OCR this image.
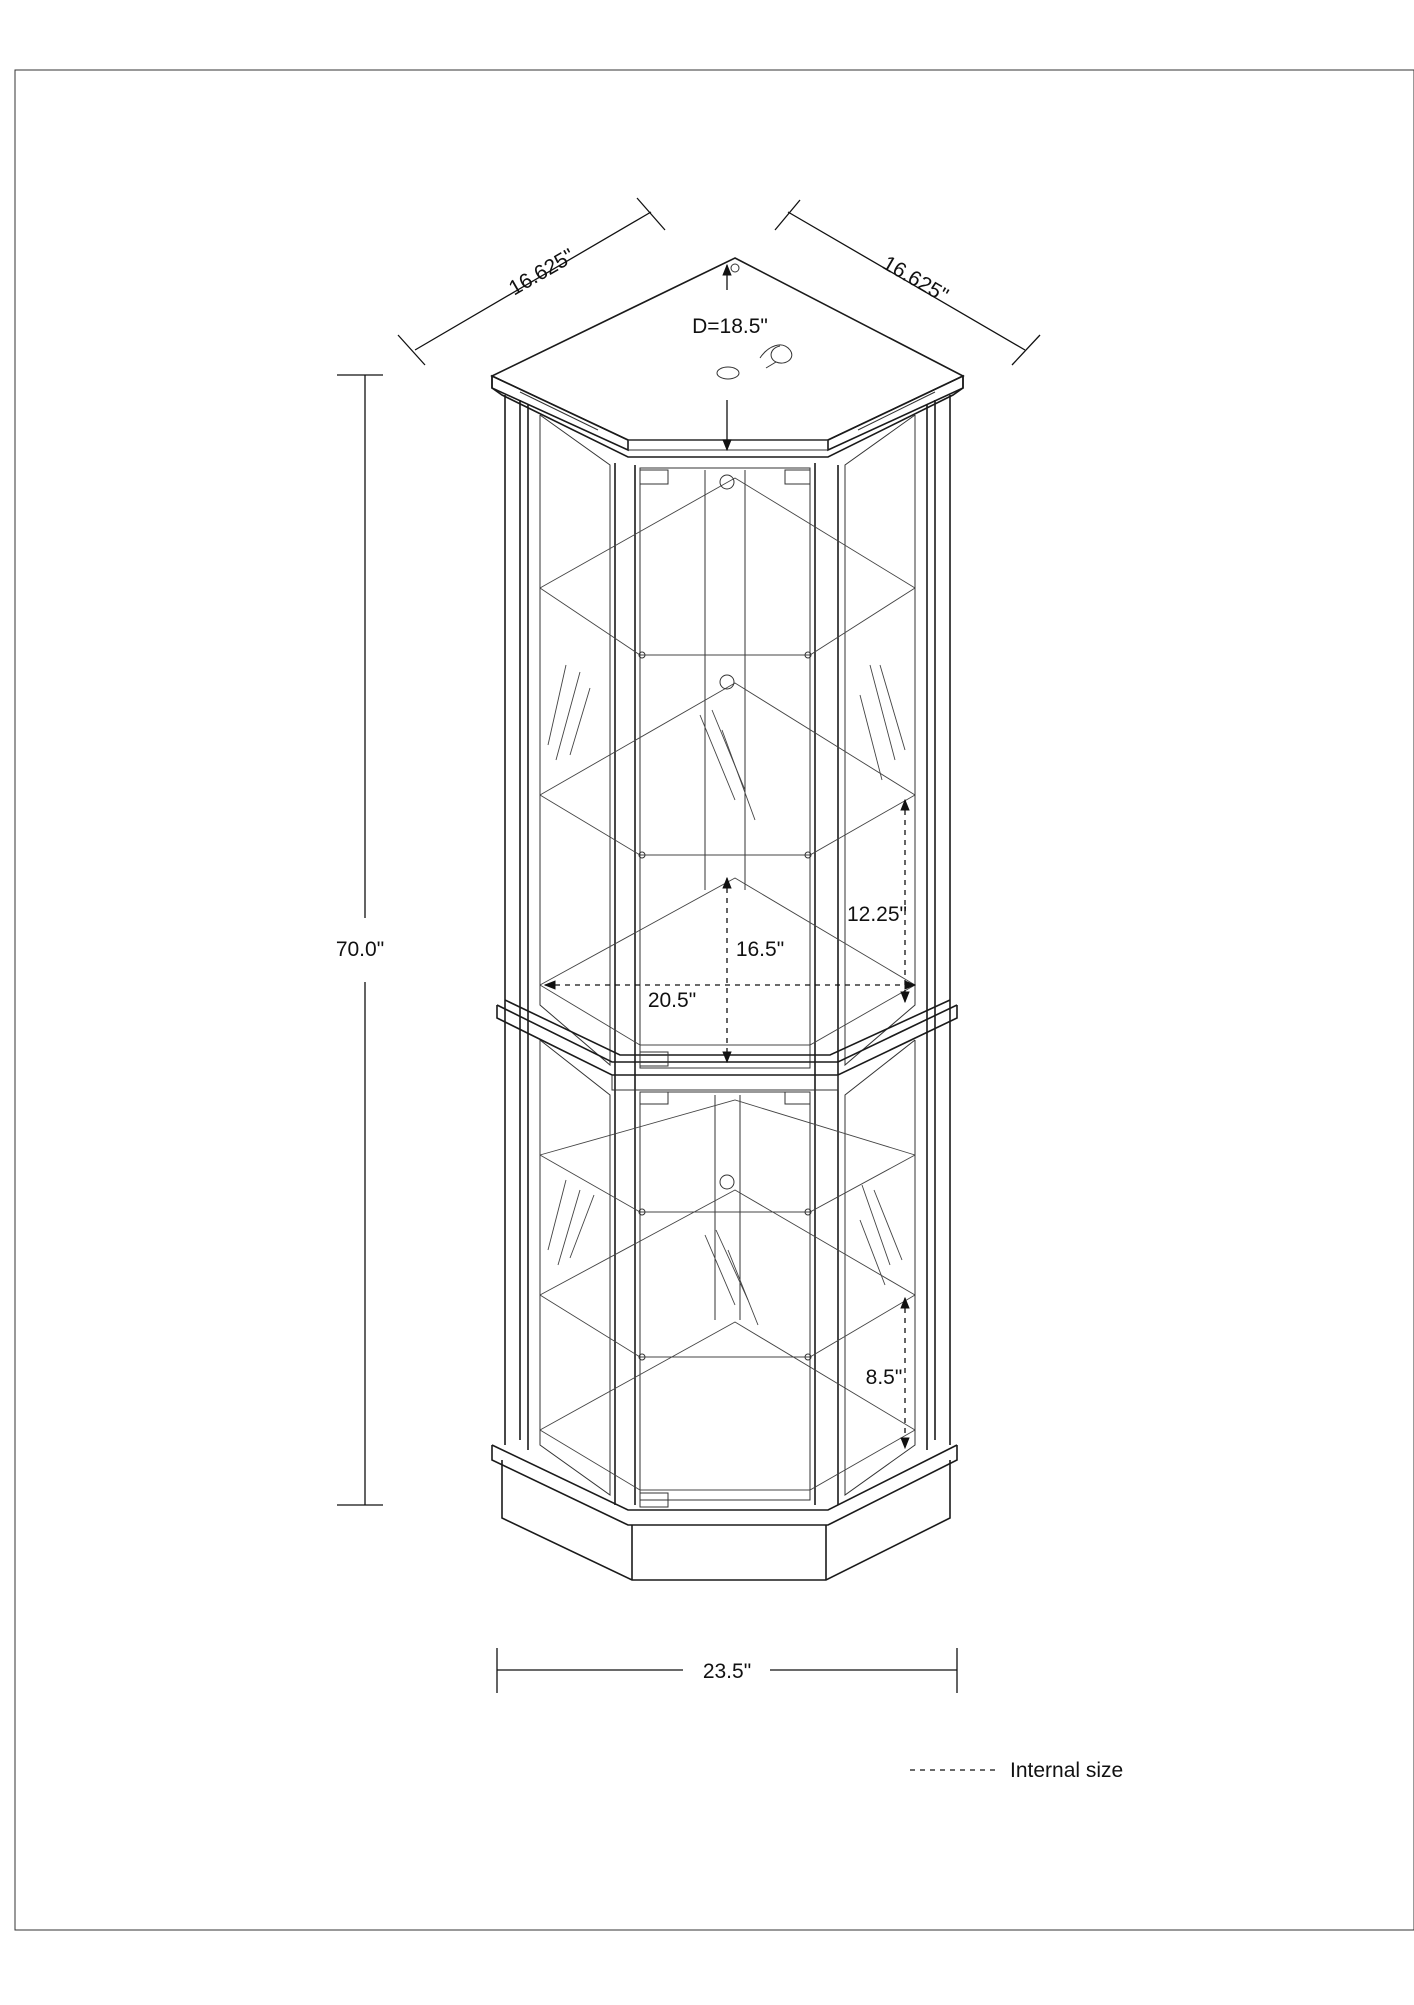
16.625"	16.625"
D=18.5"
70.0"
23.5"
20.5"
16.5"
12.25"
8.5"
Internal size
